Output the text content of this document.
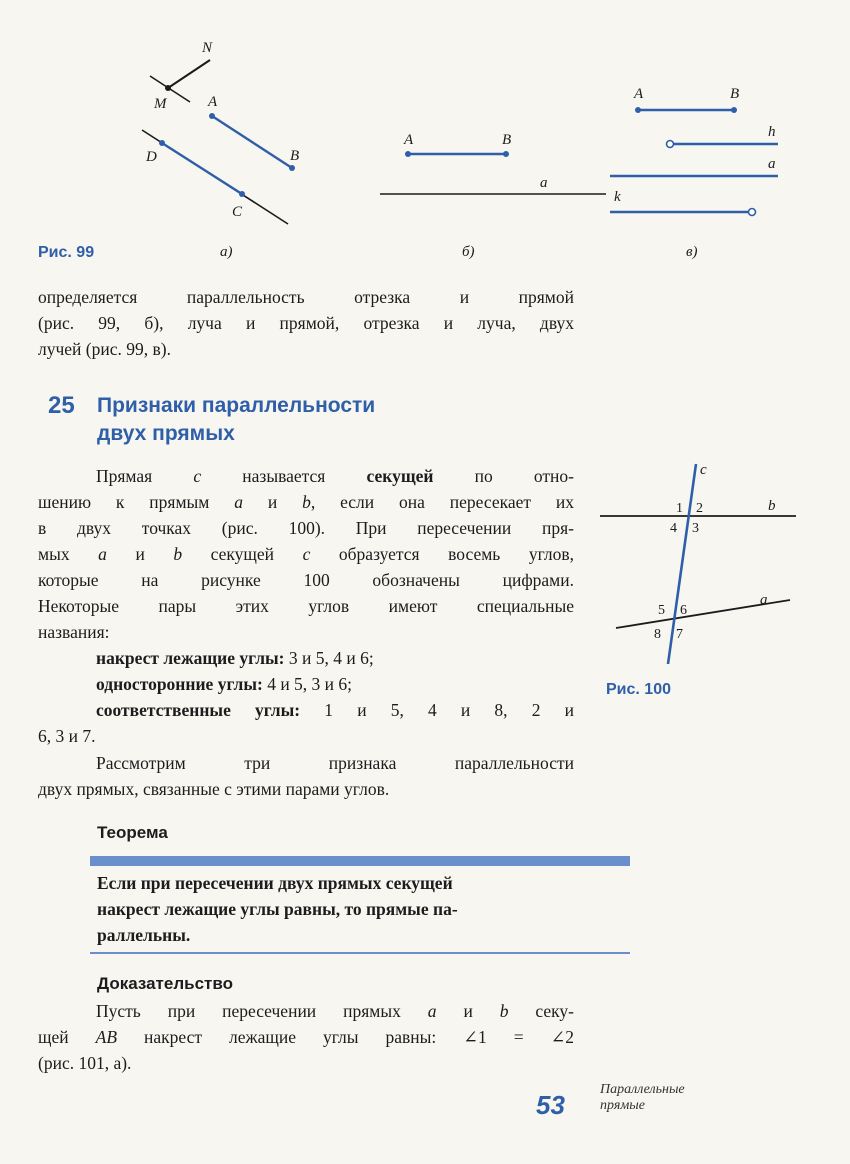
N
M	A
B
D
C
A	B
a
A	B
h
a
k
Рис. 99	а)	б)	в)
определяется параллельность отрезка и прямой
(рис. 99, б), луча и прямой, отрезка и луча, двух
лучей (рис. 99, в).
25 Признаки параллельности
двух прямых
Прямая с называется секущей по отно-
шению к прямым а и b, если она пересекает их
в двух точках (рис. 100). При пересечении пря-
мых а и b секущей с образуется восемь углов,
которые на рисунке 100 обозначены цифрами.
Некоторые пары этих углов имеют специальные
названия:
накрест лежащие углы: 3 и 5, 4 и 6;
односторонние углы: 4 и 5, 3 и 6;
соответственные углы: 1 и 5, 4 и 8, 2 и
6, 3 и 7.
Рассмотрим три признака параллельности
двух прямых, связанные с этими парами углов.
c
b
a
1 2
4 3
5 6
8 7
Рис. 100
Теорема
Если при пересечении двух прямых секущей
накрест лежащие углы равны, то прямые па-
раллельны.
Доказательство
Пусть при пересечении прямых а и b секу-
щей AB накрест лежащие углы равны: ∠1 = ∠2
(рис. 101, а).
53
Параллельные
прямые
